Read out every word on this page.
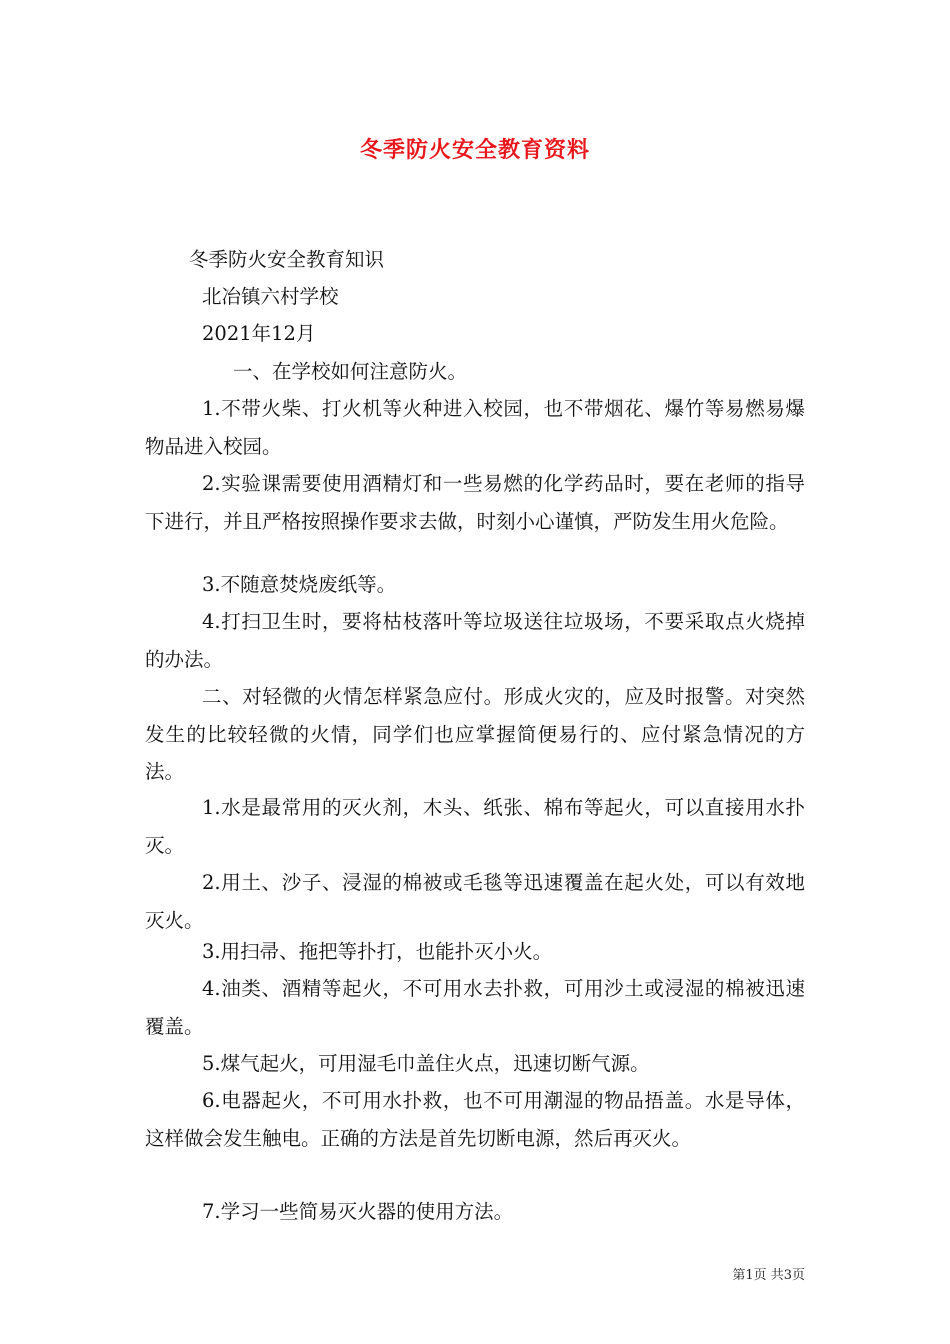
冬季防火安全教育资料

冬季防火安全教育知识

北冶镇六村学校

2021年12月

一、在学校如何注意防火。

1.不带火柴、打火机等火种进入校园，也不带烟花、爆竹等易燃易爆物品进入校园。

2.实验课需要使用酒精灯和一些易燃的化学药品时，要在老师的指导下进行，并且严格按照操作要求去做，时刻小心谨慎，严防发生用火危险。

3.不随意焚烧废纸等。

4.打扫卫生时，要将枯枝落叶等垃圾送往垃圾场，不要采取点火烧掉的办法。

二、对轻微的火情怎样紧急应付。形成火灾的，应及时报警。对突然发生的比较轻微的火情，同学们也应掌握简便易行的、应付紧急情况的方法。

1.水是最常用的灭火剂，木头、纸张、棉布等起火，可以直接用水扑灭。

2.用土、沙子、浸湿的棉被或毛毯等迅速覆盖在起火处，可以有效地灭火。

3.用扫帚、拖把等扑打，也能扑灭小火。

4.油类、酒精等起火，不可用水去扑救，可用沙土或浸湿的棉被迅速覆盖。

5.煤气起火，可用湿毛巾盖住火点，迅速切断气源。

6.电器起火，不可用水扑救，也不可用潮湿的物品捂盖。水是导体，这样做会发生触电。正确的方法是首先切断电源，然后再灭火。

7.学习一些简易灭火器的使用方法。

第1页 共3页
